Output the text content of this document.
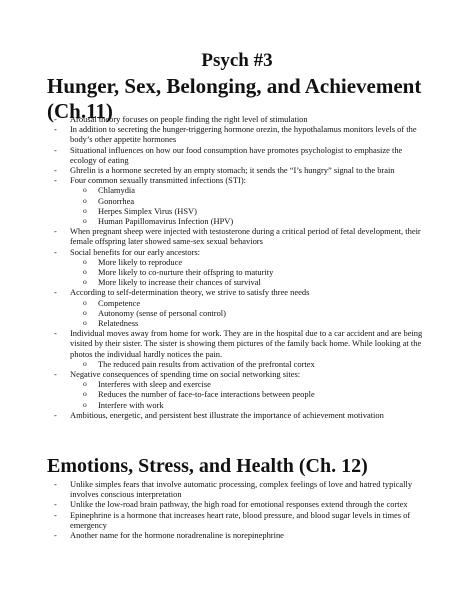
Psych #3
Hunger, Sex, Belonging, and Achievement (Ch.11)
- Arousal theory focuses on people finding the right level of stimulation
- In addition to secreting the hunger-triggering hormone orezin, the hypothalamus monitors levels of the body’s other appetite hormones
- Situational influences on how our food consumption have promotes psychologist to emphasize the ecology of eating
- Ghrelin is a hormone secreted by an empty stomach; it sends the “I’s hungry” signal to the brain
- Four common sexually transmitted infections (STI):
o Chlamydia
o Gonorrhea
o Herpes Simplex Virus (HSV)
o Human Papillomavirus Infection (HPV)
- When pregnant sheep were injected with testosterone during a critical period of fetal development, their female offspring later showed same-sex sexual behaviors
- Social benefits for our early ancestors:
o More likely to reproduce
o More likely to co-nurture their offspring to maturity
o More likely to increase their chances of survival
- According to self-determination theory, we strive to satisfy three needs
o Competence
o Autonomy (sense of personal control)
o Relatedness
- Individual moves away from home for work. They are in the hospital due to a car accident and are being visited by their sister. The sister is showing them pictures of the family back home. While looking at the photos the individual hardly notices the pain.
o The reduced pain results from activation of the prefrontal cortex
- Negative consequences of spending time on social networking sites:
o Interferes with sleep and exercise
o Reduces the number of face-to-face interactions between people
o Interfere with work
- Ambitious, energetic, and persistent best illustrate the importance of achievement motivation
Emotions, Stress, and Health (Ch. 12)
- Unlike simples fears that involve automatic processing, complex feelings of love and hatred typically involves conscious interpretation
- Unlike the low-road brain pathway, the high road for emotional responses extend through the cortex
- Epinephrine is a hormone that increases heart rate, blood pressure, and blood sugar levels in times of emergency
- Another name for the hormone noradrenaline is norepinephrine
